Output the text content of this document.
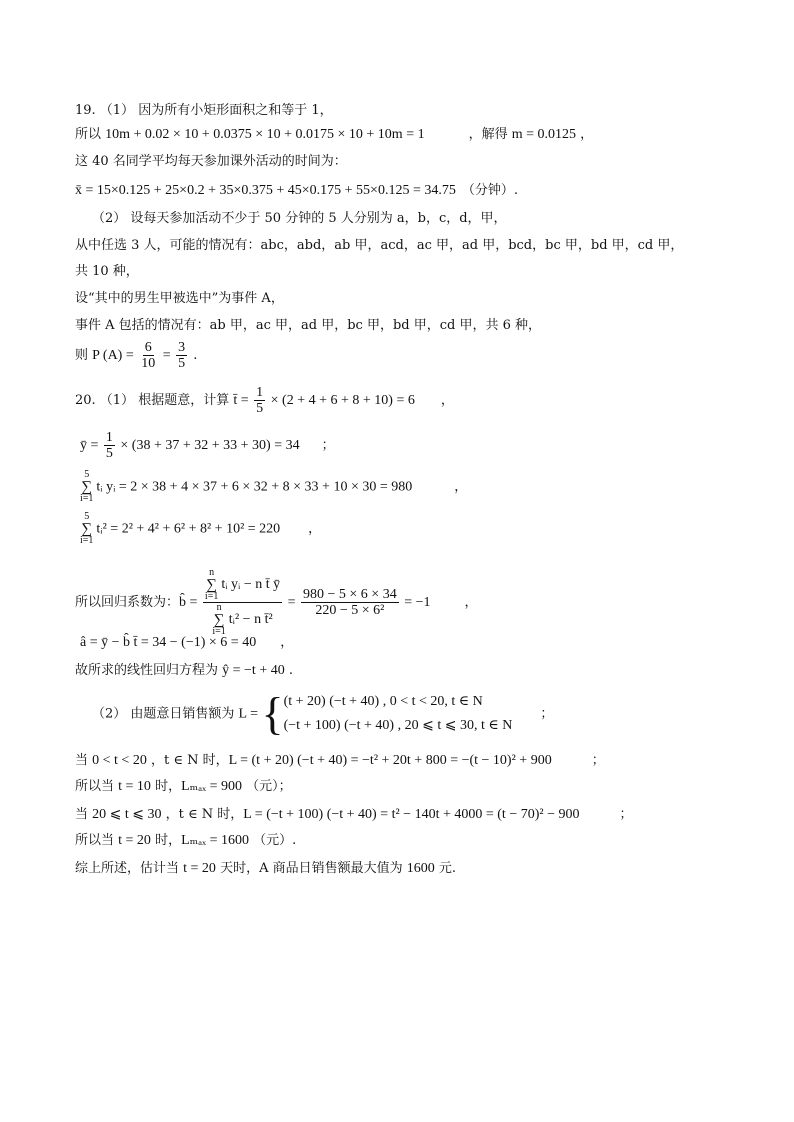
19. （1） 因为所有小矩形面积之和等于 1，
所以 10m + 0.02 × 10 + 0.0375 × 10 + 0.0175 × 10 + 10m = 1	，解得 m = 0.0125 ，
这 40 名同学平均每天参加课外活动的时间为：
x̄ = 15×0.125 + 25×0.2 + 35×0.375 + 45×0.175 + 55×0.125 = 34.75 （分钟）.
（2） 设每天参加活动不少于 50 分钟的 5 人分别为 a，b，c，d，甲，
从中任选 3 人，可能的情况有：abc，abd，ab 甲，acd，ac 甲，ad 甲，bcd，bc 甲，bd 甲，cd 甲，
共 10 种，
设“其中的男生甲被选中”为事件 A，
事件 A 包括的情况有：ab 甲，ac 甲，ad 甲，bc 甲，bd 甲，cd 甲，共 6 种，
则 P $(A) = \frac{6}{10} = \frac{3}{5}$ .
20. （1） 根据题意，计算 t̄ = $\frac{1}{5} \times (2 + 4 + 6 + 8 + 10) = 6$ ，
ȳ = $\frac{1}{5} \times (38 + 37 + 32 + 33 + 30) = 34$ ；
5
∑
i=1
tᵢ yᵢ = 2 × 38 + 4 × 37 + 6 × 32 + 8 × 33 + 10 × 30 = 980	，
5
∑
i=1
tᵢ² = 2² + 4² + 6² + 8² + 10² = 220 ，
所以回归系数为：b̂ = n
∑
i=1
tᵢ yᵢ − n t̄ ȳ
n
∑
i=1
tᵢ² − n t̄² = $\frac{980 - 5 \times 6 \times 34}{\text{220 − 5 × 6²}} = -1$	，
â = ȳ − b̂ t̄ = 34 − (−1) × 6 = 40 ，
故所求的线性回归方程为 ŷ = −t + 40 .
（2） 由题意日销售额为 L = { (t + 20) (−t + 40) , 0 < t < 20, t ∈ N
(−t + 100) (−t + 40) , 20 ⩽ t ⩽ 30, t ∈ N
；
当 0 < t < 20 ，t ∈ N 时，L = (t + 20) (−t + 40) = −t² + 20t + 800 = −(t − 10)² + 900	；
所以当 t = 10 时，Lₘₐₓ = 900 （元）；
当 20 ⩽ t ⩽ 30 ，t ∈ N 时，L = (−t + 100) (−t + 40) = t² − 140t + 4000 = (t − 70)² − 900	；
所以当 t = 20 时，Lₘₐₓ = 1600 （元）.
综上所述，估计当 t = 20 天时，A 商品日销售额最大值为 1600 元.
